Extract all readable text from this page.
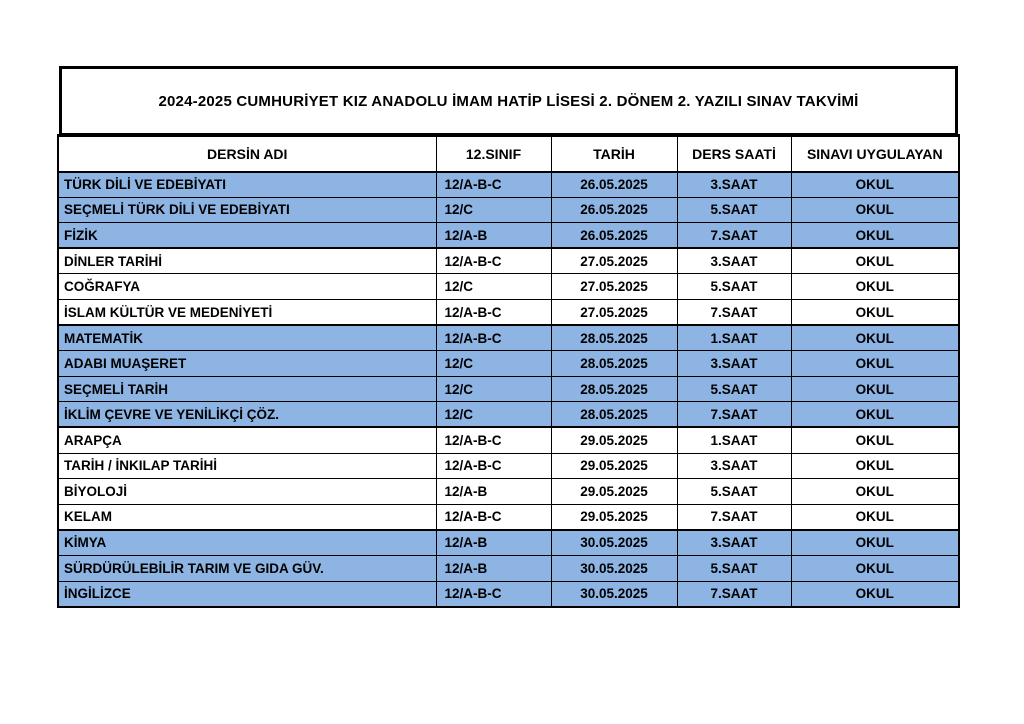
2024-2025 CUMHURİYET KIZ ANADOLU İMAM HATİP LİSESİ 2. DÖNEM 2. YAZILI SINAV TAKVİMİ
DERSİN ADI	12.SINIF	TARİH	DERS SAATİ	SINAVI UYGULAYAN
TÜRK DİLİ VE EDEBİYATI	12/A-B-C	26.05.2025	3.SAAT	OKUL
SEÇMELİ TÜRK DİLİ VE EDEBİYATI	12/C	26.05.2025	5.SAAT	OKUL
FİZİK	12/A-B	26.05.2025	7.SAAT	OKUL
DİNLER TARİHİ	12/A-B-C	27.05.2025	3.SAAT	OKUL
COĞRAFYA	12/C	27.05.2025	5.SAAT	OKUL
İSLAM KÜLTÜR VE MEDENİYETİ	12/A-B-C	27.05.2025	7.SAAT	OKUL
MATEMATİK	12/A-B-C	28.05.2025	1.SAAT	OKUL
ADABI MUAŞERET	12/C	28.05.2025	3.SAAT	OKUL
SEÇMELİ TARİH	12/C	28.05.2025	5.SAAT	OKUL
İKLİM ÇEVRE VE YENİLİKÇİ ÇÖZ.	12/C	28.05.2025	7.SAAT	OKUL
ARAPÇA	12/A-B-C	29.05.2025	1.SAAT	OKUL
TARİH / İNKILAP TARİHİ	12/A-B-C	29.05.2025	3.SAAT	OKUL
BİYOLOJİ	12/A-B	29.05.2025	5.SAAT	OKUL
KELAM	12/A-B-C	29.05.2025	7.SAAT	OKUL
KİMYA	12/A-B	30.05.2025	3.SAAT	OKUL
SÜRDÜRÜLEBİLİR TARIM VE GIDA GÜV.	12/A-B	30.05.2025	5.SAAT	OKUL
İNGİLİZCE	12/A-B-C	30.05.2025	7.SAAT	OKUL
